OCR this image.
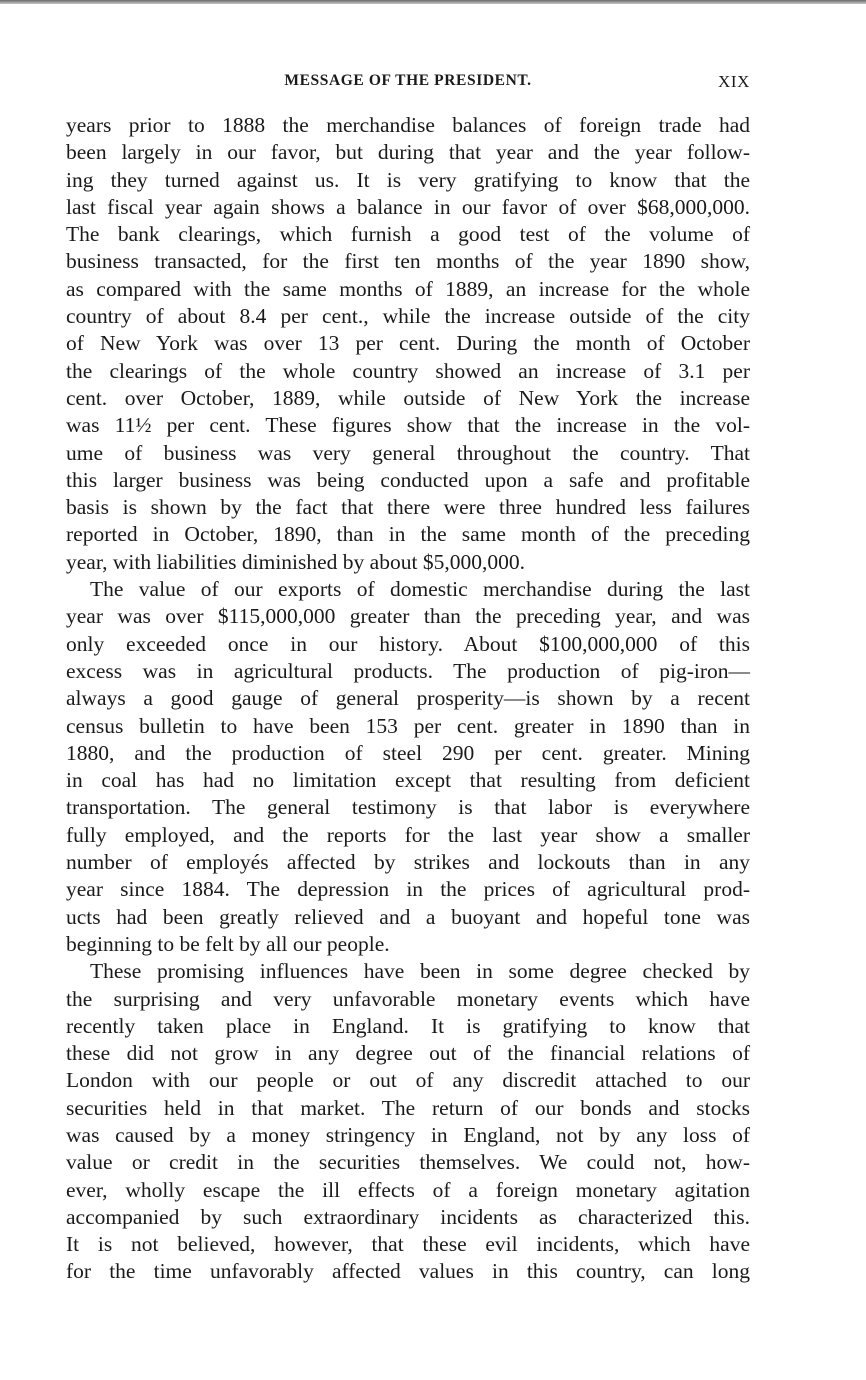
MESSAGE OF THE PRESIDENT.	XIX
years prior to 1888 the merchandise balances of foreign trade had
been largely in our favor, but during that year and the year follow-
ing they turned against us. It is very gratifying to know that the
last fiscal year again shows a balance in our favor of over $68,000,000.
The bank clearings, which furnish a good test of the volume of
business transacted, for the first ten months of the year 1890 show,
as compared with the same months of 1889, an increase for the whole
country of about 8.4 per cent., while the increase outside of the city
of New York was over 13 per cent. During the month of October
the clearings of the whole country showed an increase of 3.1 per
cent. over October, 1889, while outside of New York the increase
was 11½ per cent. These figures show that the increase in the vol-
ume of business was very general throughout the country. That
this larger business was being conducted upon a safe and profitable
basis is shown by the fact that there were three hundred less failures
reported in October, 1890, than in the same month of the preceding
year, with liabilities diminished by about $5,000,000.
The value of our exports of domestic merchandise during the last
year was over $115,000,000 greater than the preceding year, and was
only exceeded once in our history. About $100,000,000 of this
excess was in agricultural products. The production of pig-iron—
always a good gauge of general prosperity—is shown by a recent
census bulletin to have been 153 per cent. greater in 1890 than in
1880, and the production of steel 290 per cent. greater. Mining
in coal has had no limitation except that resulting from deficient
transportation. The general testimony is that labor is everywhere
fully employed, and the reports for the last year show a smaller
number of employés affected by strikes and lockouts than in any
year since 1884. The depression in the prices of agricultural prod-
ucts had been greatly relieved and a buoyant and hopeful tone was
beginning to be felt by all our people.
These promising influences have been in some degree checked by
the surprising and very unfavorable monetary events which have
recently taken place in England. It is gratifying to know that
these did not grow in any degree out of the financial relations of
London with our people or out of any discredit attached to our
securities held in that market. The return of our bonds and stocks
was caused by a money stringency in England, not by any loss of
value or credit in the securities themselves. We could not, how-
ever, wholly escape the ill effects of a foreign monetary agitation
accompanied by such extraordinary incidents as characterized this.
It is not believed, however, that these evil incidents, which have
for the time unfavorably affected values in this country, can long
